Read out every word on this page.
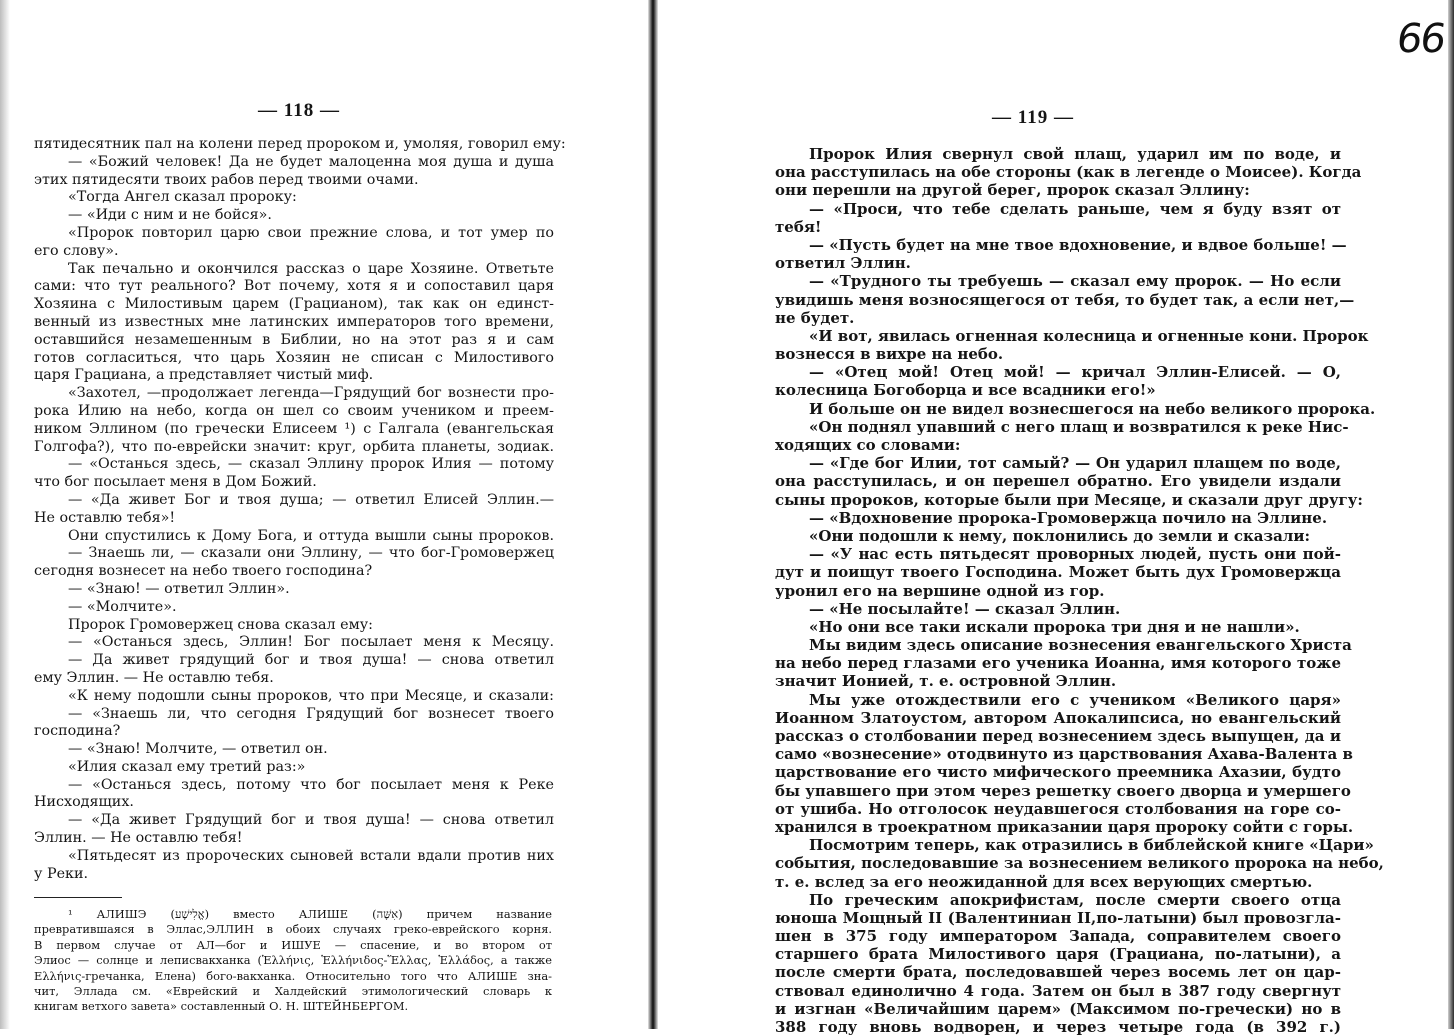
— 118 —
пятидесятник пал на колени перед пророком и, умоляя, говорил ему:
— «Божий человек! Да не будет малоценна моя душа и душа
этих пятидесяти твоих рабов перед твоими очами.
«Тогда Ангел сказал пророку:
— «Иди с ним и не бойся».
«Пророк повторил царю свои прежние слова, и тот умер по
его слову».
Так печально и окончился рассказ о царе Хозяине. Ответьте
сами: что тут реального? Вот почему, хотя я и сопоставил царя
Хозяина с Милостивым царем (Грацианом), так как он единст-
венный из известных мне латинских императоров того времени,
оставшийся незамешенным в Библии, но на этот раз я и сам
готов согласиться, что царь Хозяин не списан с Милостивого
царя Грациана, а представляет чистый миф.
«Захотел, —продолжает легенда—Грядущий бог вознести про-
рока Илию на небо, когда он шел со своим учеником и преем-
ником Эллином (по гречески Елисеем ¹) с Галгала (евангельская
Голгофа?), что по-еврейски значит: круг, орбита планеты, зодиак.
— «Останься здесь, — сказал Эллину пророк Илия — потому
что бог посылает меня в Дом Божий.
— «Да живет Бог и твоя душа; — ответил Елисей Эллин.—
Не оставлю тебя»!
Они спустились к Дому Бога, и оттуда вышли сыны пророков.
— Знаешь ли, — сказали они Эллину, — что бог-Громовержец
сегодня вознесет на небо твоего господина?
— «Знаю! — ответил Эллин».
— «Молчите».
Пророк Громовержец снова сказал ему:
— «Останься здесь, Эллин! Бог посылает меня к Месяцу.
— Да живет грядущий бог и твоя душа! — снова ответил
ему Эллин. — Не оставлю тебя.
«К нему подошли сыны пророков, что при Месяце, и сказали:
— «Знаешь ли, что сегодня Грядущий бог вознесет твоего
господина?
— «Знаю! Молчите, — ответил он.
«Илия сказал ему третий раз:»
— «Останься здесь, потому что бог посылает меня к Реке
Нисходящих.
— «Да живет Грядущий бог и твоя душа! — снова ответил
Эллин. — Не оставлю тебя!
«Пятьдесят из пророческих сыновей встали вдали против них
у Реки.
¹ АЛИШЭ (אֱלִישָׁע) вместо АЛИШЕ (אִשָּׁה) причем название
превратившаяся в Эллас,ЭЛЛИН в обоих случаях греко-еврейского корня.
В первом случае от АЛ—бог и ИШУЕ — спасение, и во втором от
Элиос — солнце и леписвакханка (Ἑλλήνις, Ἑλλήνιδος-Ἕλλας, Ἑλλάδος, а также
Ελλήνις-гречанка, Елена) бого-вакханка. Относительно того что АЛИШЕ зна-
чит, Эллада см. «Еврейский и Халдейский этимологический словарь к
книгам ветхого завета» составленный О. Н. ШТЕЙНБЕРГОМ.
66
— 119 —
Пророк Илия свернул свой плащ, ударил им по воде, и
она расступилась на обе стороны (как в легенде о Моисее). Когда
они перешли на другой берег, пророк сказал Эллину:
— «Проси, что тебе сделать раньше, чем я буду взят от
тебя!
— «Пусть будет на мне твое вдохновение, и вдвое больше! —
ответил Эллин.
— «Трудного ты требуешь — сказал ему пророк. — Но если
увидишь меня возносящегося от тебя, то будет так, а если нет,—
не будет.
«И вот, явилась огненная колесница и огненные кони. Пророк
вознесся в вихре на небо.
— «Отец мой! Отец мой! — кричал Эллин-Елисей. — О,
колесница Богоборца и все всадники его!»
И больше он не видел вознесшегося на небо великого пророка.
«Он поднял упавший с него плащ и возвратился к реке Нис-
ходящих со словами:
— «Где бог Илии, тот самый? — Он ударил плащем по воде,
она расступилась, и он перешел обратно. Его увидели издали
сыны пророков, которые были при Месяце, и сказали друг другу:
— «Вдохновение пророка-Громовержца почило на Эллине.
«Они подошли к нему, поклонились до земли и сказали:
— «У нас есть пятьдесят проворных людей, пусть они пой-
дут и поищут твоего Господина. Может быть дух Громовержца
уронил его на вершине одной из гор.
— «Не посылайте! — сказал Эллин.
«Но они все таки искали пророка три дня и не нашли».
Мы видим здесь описание вознесения евангельского Христа
на небо перед глазами его ученика Иоанна, имя которого тоже
значит Ионией, т. е. островной Эллин.
Мы уже отождествили его с учеником «Великого царя»
Иоанном Златоустом, автором Апокалипсиса, но евангельский
рассказ о столбовании перед вознесением здесь выпущен, да и
само «вознесение» отодвинуто из царствования Ахава-Валента в
царствование его чисто мифического преемника Ахазии, будто
бы упавшего при этом через решетку своего дворца и умершего
от ушиба. Но отголосок неудавшегося столбования на горе со-
хранился в троекратном приказании царя пророку сойти с горы.
Посмотрим теперь, как отразились в библейской книге «Цари»
события, последовавшие за вознесением великого пророка на небо,
т. е. вслед за его неожиданной для всех верующих смертью.
По греческим апокрифистам, после смерти своего отца
юноша Мощный II (Валентиниан II,по-латыни) был провозгла-
шен в 375 году императором Запада, соправителем своего
старшего брата Милостивого царя (Грациана, по-латыни), а
после смерти брата, последовавшей через восемь лет он цар-
ствовал единолично 4 года. Затем он был в 387 году свергнут
и изгнан «Величайшим царем» (Максимом по-гречески) но в
388 году вновь водворен, и через четыре года (в 392 г.)
